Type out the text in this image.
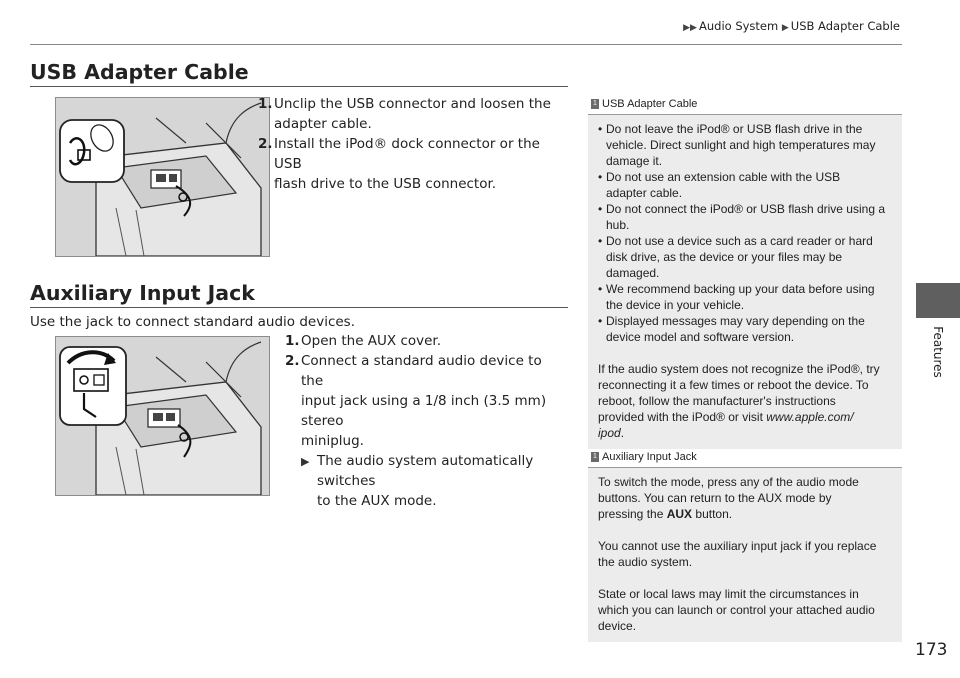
▶▶ Audio System ▶ USB Adapter Cable
Features
USB Adapter Cable
1. Unclip the USB connector and loosen the
adapter cable.
2. Install the iPod® dock connector or the USB
flash drive to the USB connector.
1 USB Adapter Cable
• Do not leave the iPod® or USB flash drive in the
vehicle. Direct sunlight and high temperatures may
damage it.
• Do not use an extension cable with the USB
adapter cable.
• Do not connect the iPod® or USB flash drive using a
hub.
• Do not use a device such as a card reader or hard
disk drive, as the device or your files may be
damaged.
• We recommend backing up your data before using
the device in your vehicle.
• Displayed messages may vary depending on the
device model and software version.
If the audio system does not recognize the iPod®, try
reconnecting it a few times or reboot the device. To
reboot, follow the manufacturer's instructions
provided with the iPod® or visit www.apple.com/
ipod.
Auxiliary Input Jack
Use the jack to connect standard audio devices.
1. Open the AUX cover.
2. Connect a standard audio device to the
input jack using a 1/8 inch (3.5 mm) stereo
miniplug.
▶ The audio system automatically switches
to the AUX mode.
1 Auxiliary Input Jack
To switch the mode, press any of the audio mode
buttons. You can return to the AUX mode by
pressing the AUX button.
You cannot use the auxiliary input jack if you replace
the audio system.
State or local laws may limit the circumstances in
which you can launch or control your attached audio
device.
173
